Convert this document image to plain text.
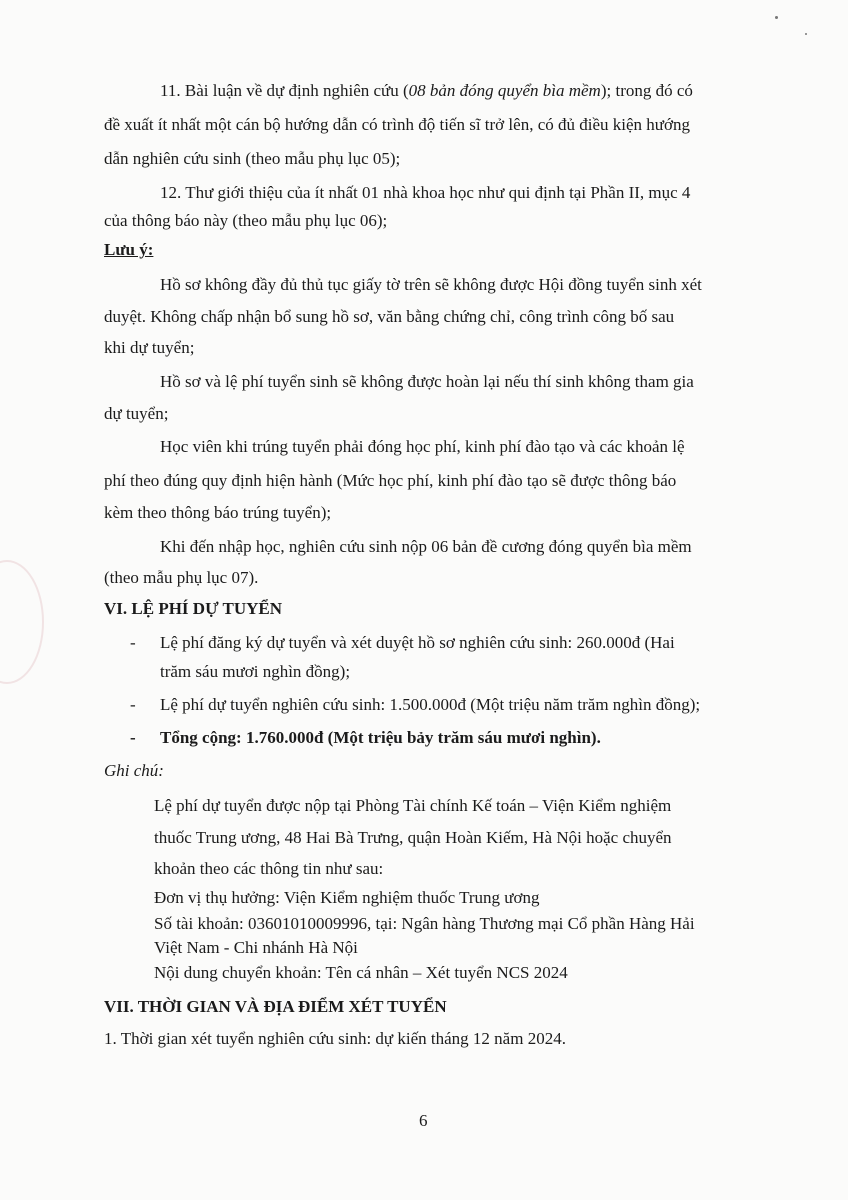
11. Bài luận về dự định nghiên cứu (08 bản đóng quyển bìa mềm); trong đó có
đề xuất ít nhất một cán bộ hướng dẫn có trình độ tiến sĩ trở lên, có đủ điều kiện hướng
dẫn nghiên cứu sinh (theo mẫu phụ lục 05);
12. Thư giới thiệu của ít nhất 01 nhà khoa học như qui định tại Phần II, mục 4
của thông báo này (theo mẫu phụ lục 06);
Lưu ý:
Hồ sơ không đầy đủ thủ tục giấy tờ trên sẽ không được Hội đồng tuyển sinh xét
duyệt. Không chấp nhận bổ sung hồ sơ, văn bằng chứng chỉ, công trình công bố sau
khi dự tuyển;
Hồ sơ và lệ phí tuyển sinh sẽ không được hoàn lại nếu thí sinh không tham gia
dự tuyển;
Học viên khi trúng tuyển phải đóng học phí, kinh phí đào tạo và các khoản lệ
phí theo đúng quy định hiện hành (Mức học phí, kinh phí đào tạo sẽ được thông báo
kèm theo thông báo trúng tuyển);
Khi đến nhập học, nghiên cứu sinh nộp 06 bản đề cương đóng quyển bìa mềm
(theo mẫu phụ lục 07).
VI. LỆ PHÍ DỰ TUYỂN
- Lệ phí đăng ký dự tuyển và xét duyệt hồ sơ nghiên cứu sinh: 260.000đ (Hai
trăm sáu mươi nghìn đồng);
- Lệ phí dự tuyển nghiên cứu sinh: 1.500.000đ (Một triệu năm trăm nghìn đồng);
- Tổng cộng: 1.760.000đ (Một triệu bảy trăm sáu mươi nghìn).
Ghi chú:
Lệ phí dự tuyển được nộp tại Phòng Tài chính Kế toán – Viện Kiểm nghiệm
thuốc Trung ương, 48 Hai Bà Trưng, quận Hoàn Kiếm, Hà Nội hoặc chuyển
khoản theo các thông tin như sau:
Đơn vị thụ hưởng: Viện Kiểm nghiệm thuốc Trung ương
Số tài khoản: 03601010009996, tại: Ngân hàng Thương mại Cổ phần Hàng Hải
Việt Nam - Chi nhánh Hà Nội
Nội dung chuyển khoản: Tên cá nhân – Xét tuyển NCS 2024
VII. THỜI GIAN VÀ ĐỊA ĐIỂM XÉT TUYỂN
1. Thời gian xét tuyển nghiên cứu sinh: dự kiến tháng 12 năm 2024.
6
